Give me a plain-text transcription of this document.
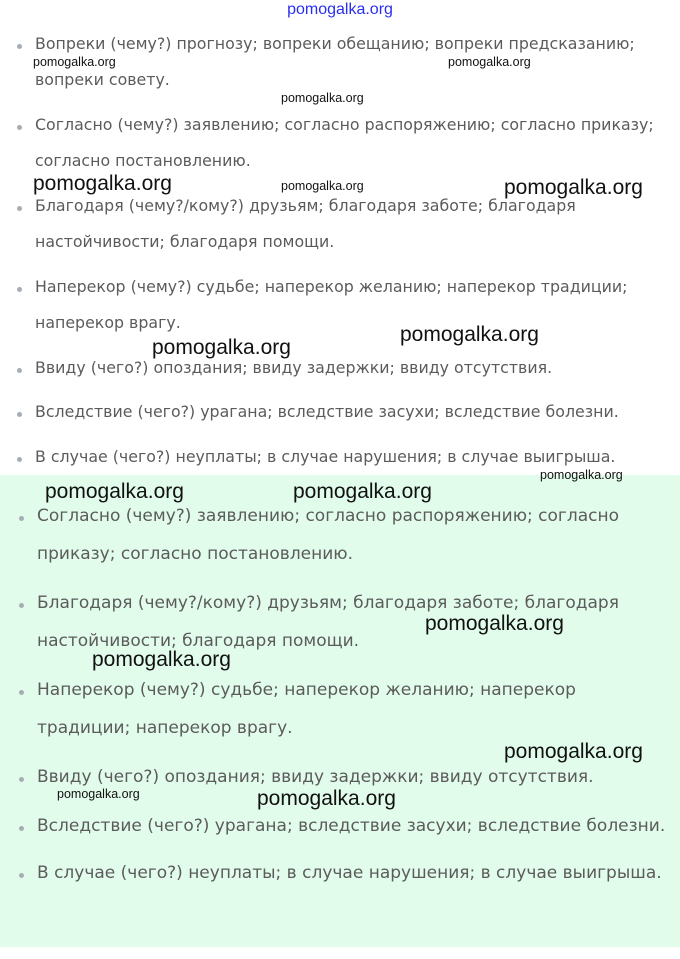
pomogalka.org
Вопреки (чему?) прогнозу; вопреки обещанию; вопреки предсказанию;
вопреки совету.
Согласно (чему?) заявлению; согласно распоряжению; согласно приказу;
согласно постановлению.
Благодаря (чему?/кому?) друзьям; благодаря заботе; благодаря
настойчивости; благодаря помощи.
Наперекор (чему?) судьбе; наперекор желанию; наперекор традиции;
наперекор врагу.
Ввиду (чего?) опоздания; ввиду задержки; ввиду отсутствия.
Вследствие (чего?) урагана; вследствие засухи; вследствие болезни.
В случае (чего?) неуплаты; в случае нарушения; в случае выигрыша.
Согласно (чему?) заявлению; согласно распоряжению; согласно
приказу; согласно постановлению.
Благодаря (чему?/кому?) друзьям; благодаря заботе; благодаря
настойчивости; благодаря помощи.
Наперекор (чему?) судьбе; наперекор желанию; наперекор
традиции; наперекор врагу.
Ввиду (чего?) опоздания; ввиду задержки; ввиду отсутствия.
Вследствие (чего?) урагана; вследствие засухи; вследствие болезни.
В случае (чего?) неуплаты; в случае нарушения; в случае выигрыша.
pomogalka.org	pomogalka.org
pomogalka.org
pomogalka.org	pomogalka.org	pomogalka.org
pomogalka.org
pomogalka.org
pomogalka.org
pomogalka.org	pomogalka.org
pomogalka.org
pomogalka.org
pomogalka.org
pomogalka.org	pomogalka.org
